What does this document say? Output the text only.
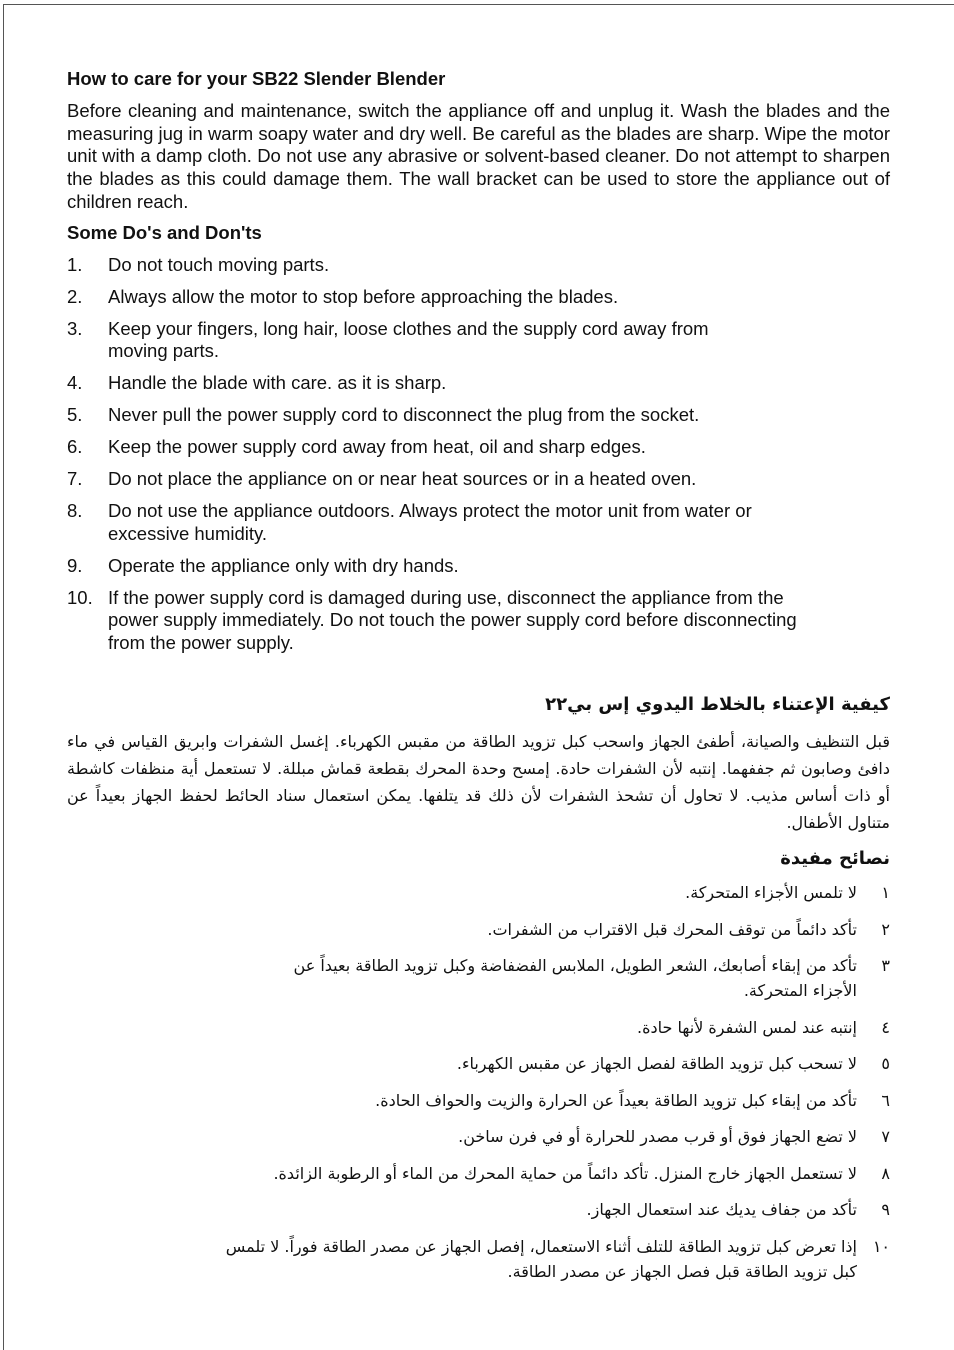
How to care for your SB22 Slender Blender

Before cleaning and maintenance, switch the appliance off and unplug it. Wash the blades and the measuring jug in warm soapy water and dry well. Be careful as the blades are sharp. Wipe the motor unit with a damp cloth. Do not use any abrasive or solvent-based cleaner. Do not attempt to sharpen the blades as this could damage them. The wall bracket can be used to store the appliance out of children reach.

Some Do's and Don'ts
1. Do not touch moving parts.
2. Always allow the motor to stop before approaching the blades.
3. Keep your fingers, long hair, loose clothes and the supply cord away from moving parts.
4. Handle the blade with care. as it is sharp.
5. Never pull the power supply cord to disconnect the plug from the socket.
6. Keep the power supply cord away from heat, oil and sharp edges.
7. Do not place the appliance on or near heat sources or in a heated oven.
8. Do not use the appliance outdoors. Always protect the motor unit from water or excessive humidity.
9. Operate the appliance only with dry hands.
10. If the power supply cord is damaged during use, disconnect the appliance from the power supply immediately. Do not touch the power supply cord before disconnecting from the power supply.
كيفية الإعتناء بالخلاط اليدوي إس بي٢٢

قبل التنظيف والصيانة، أطفئ الجهاز واسحب كبل تزويد الطاقة من مقبس الكهرباء. إغسل الشفرات وابريق القياس في ماء دافئ وصابون ثم جففهما. إنتبه لأن الشفرات حادة. إمسح وحدة المحرك بقطعة قماش مبللة. لا تستعمل أية منظفات كاشطة أو ذات أساس مذيب. لا تحاول أن تشحذ الشفرات لأن ذلك قد يتلفها. يمكن استعمال سناد الحائط لحفظ الجهاز بعيداً عن متناول الأطفال.

نصائح مفيدة
١
لا تلمس الأجزاء المتحركة.
٢
تأكد دائماً من توقف المحرك قبل الاقتراب من الشفرات.
٣
تأكد من إبقاء أصابعك، الشعر الطويل، الملابس الفضفاضة وكبل تزويد الطاقة بعيداً عن الأجزاء المتحركة.
٤
إنتبه عند لمس الشفرة لأنها حادة.
٥
لا تسحب كبل تزويد الطاقة لفصل الجهاز عن مقبس الكهرباء.
٦
تأكد من إبقاء كبل تزويد الطاقة بعيداً عن الحرارة والزيت والحواف الحادة.
٧
لا تضع الجهاز فوق أو قرب مصدر للحرارة أو في فرن ساخن.
٨
لا تستعمل الجهاز خارج المنزل. تأكد دائماً من حماية المحرك من الماء أو الرطوبة الزائدة.
٩
تأكد من جفاف يديك عند استعمال الجهاز.
١٠
إذا تعرض كبل تزويد الطاقة للتلف أثناء الاستعمال، إفصل الجهاز عن مصدر الطاقة فوراً. لا تلمس كبل تزويد الطاقة قبل فصل الجهاز عن مصدر الطاقة.
